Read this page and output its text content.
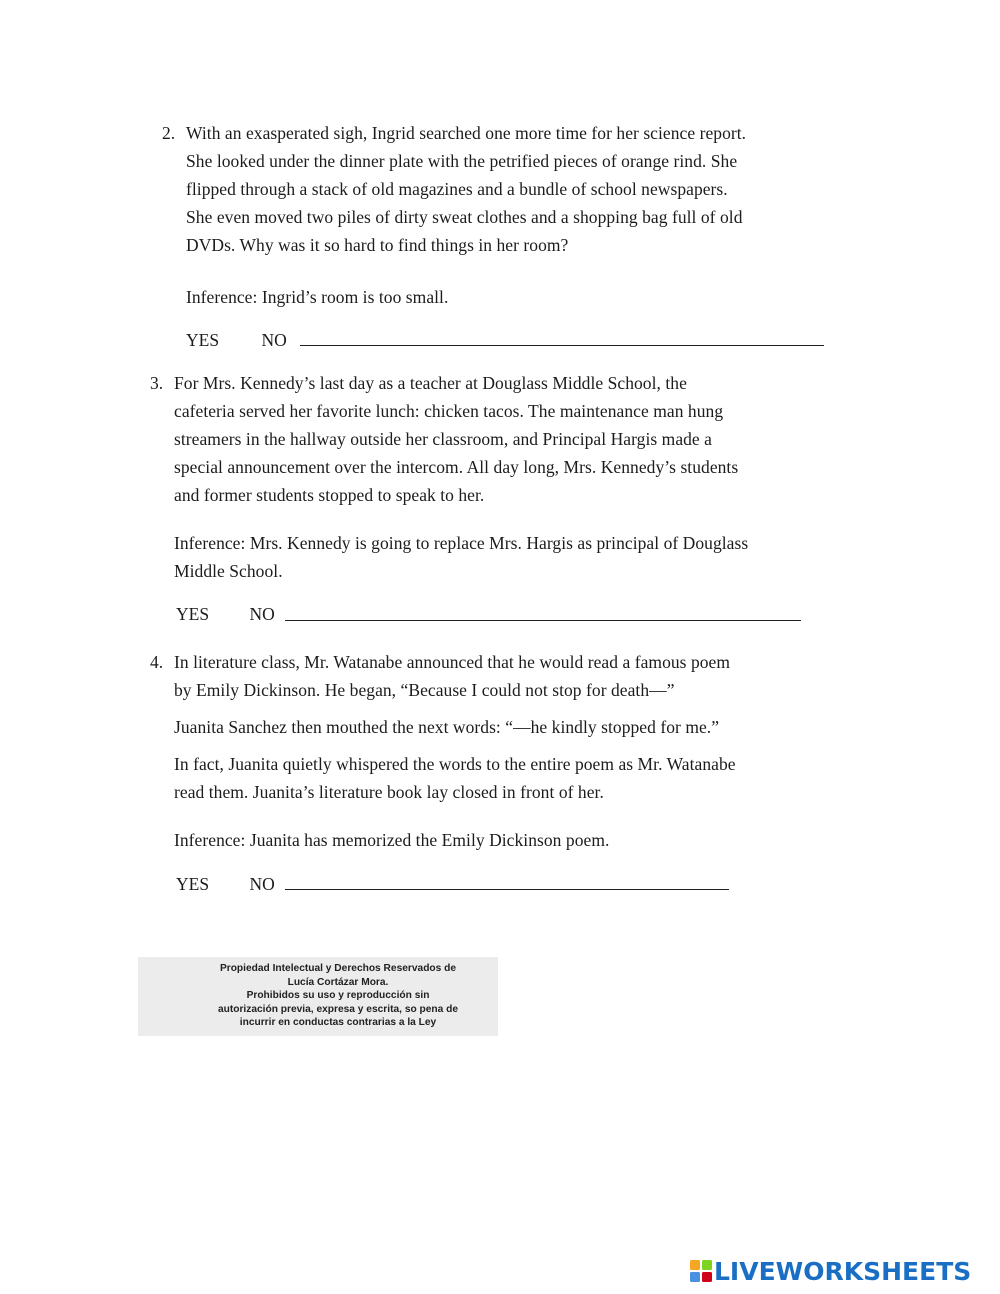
2. With an exasperated sigh, Ingrid searched one more time for her science report.
She looked under the dinner plate with the petrified pieces of orange rind. She
flipped through a stack of old magazines and a bundle of school newspapers.
She even moved two piles of dirty sweat clothes and a shopping bag full of old
DVDs. Why was it so hard to find things in her room?
Inference: Ingrid’s room is too small.
YES NO
3. For Mrs. Kennedy’s last day as a teacher at Douglass Middle School, the
cafeteria served her favorite lunch: chicken tacos. The maintenance man hung
streamers in the hallway outside her classroom, and Principal Hargis made a
special announcement over the intercom. All day long, Mrs. Kennedy’s students
and former students stopped to speak to her.
Inference: Mrs. Kennedy is going to replace Mrs. Hargis as principal of Douglass
Middle School.
YES NO
4. In literature class, Mr. Watanabe announced that he would read a famous poem
by Emily Dickinson. He began, “Because I could not stop for death—”
Juanita Sanchez then mouthed the next words: “—he kindly stopped for me.”
In fact, Juanita quietly whispered the words to the entire poem as Mr. Watanabe
read them. Juanita’s literature book lay closed in front of her.
Inference: Juanita has memorized the Emily Dickinson poem.
YES NO
Propiedad Intelectual y Derechos Reservados de
Lucía Cortázar Mora.
Prohibidos su uso y reproducción sin
autorización previa, expresa y escrita, so pena de
incurrir en conductas contrarias a la Ley
LIVEWORKSHEETS
